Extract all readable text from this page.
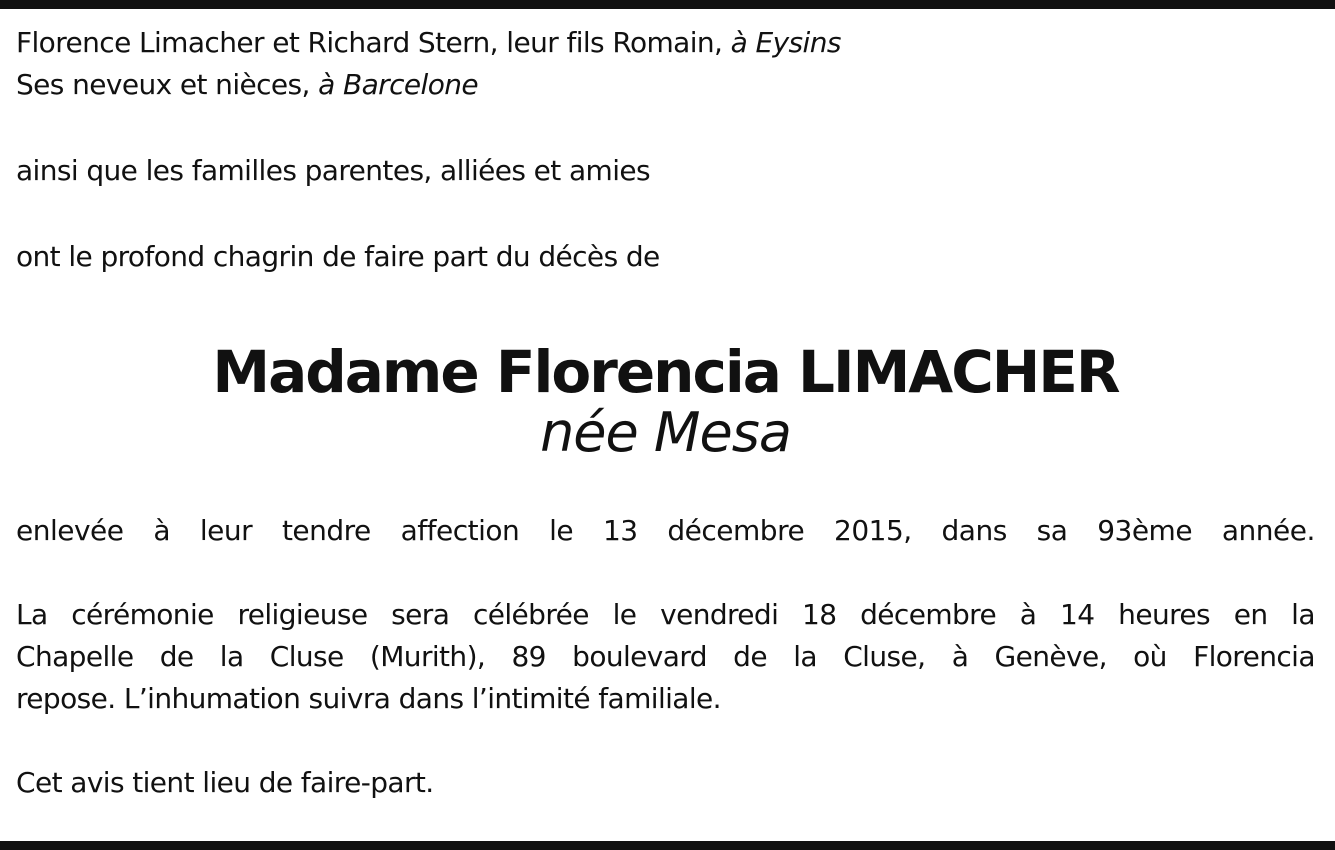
Florence Limacher et Richard Stern, leur fils Romain, à Eysins
Ses neveux et nièces, à Barcelone
ainsi que les familles parentes, alliées et amies
ont le profond chagrin de faire part du décès de
Madame Florencia LIMACHER
née Mesa
enlevée à leur tendre affection le 13 décembre 2015, dans sa 93ème année.
La cérémonie religieuse sera célébrée le vendredi 18 décembre à 14 heures en la
Chapelle de la Cluse (Murith), 89 boulevard de la Cluse, à Genève, où Florencia
repose. L’inhumation suivra dans l’intimité familiale.
Cet avis tient lieu de faire-part.
